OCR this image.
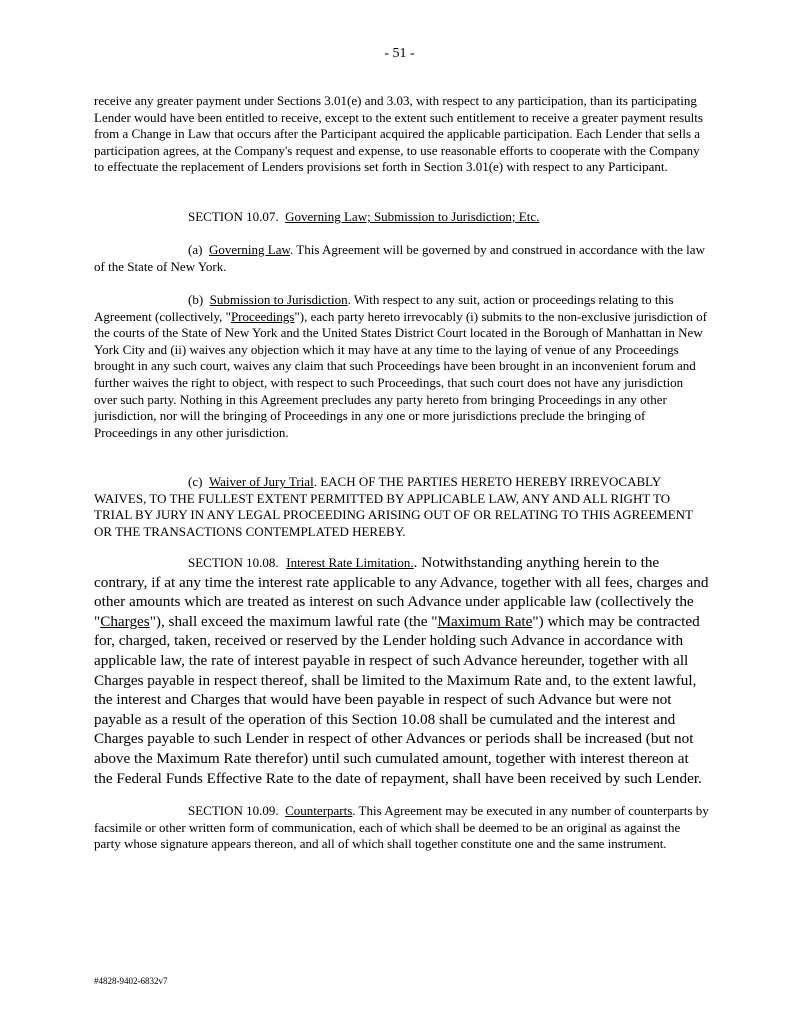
- 51 -
receive any greater payment under Sections 3.01(e) and 3.03, with respect to any participation, than its participating Lender would have been entitled to receive, except to the extent such entitlement to receive a greater payment results from a Change in Law that occurs after the Participant acquired the applicable participation. Each Lender that sells a participation agrees, at the Company's request and expense, to use reasonable efforts to cooperate with the Company to effectuate the replacement of Lenders provisions set forth in Section 3.01(e) with respect to any Participant.
SECTION 10.07. Governing Law; Submission to Jurisdiction; Etc.
(a) Governing Law. This Agreement will be governed by and construed in accordance with the law of the State of New York.
(b) Submission to Jurisdiction. With respect to any suit, action or proceedings relating to this Agreement (collectively, "Proceedings"), each party hereto irrevocably (i) submits to the non-exclusive jurisdiction of the courts of the State of New York and the United States District Court located in the Borough of Manhattan in New York City and (ii) waives any objection which it may have at any time to the laying of venue of any Proceedings brought in any such court, waives any claim that such Proceedings have been brought in an inconvenient forum and further waives the right to object, with respect to such Proceedings, that such court does not have any jurisdiction over such party. Nothing in this Agreement precludes any party hereto from bringing Proceedings in any other jurisdiction, nor will the bringing of Proceedings in any one or more jurisdictions preclude the bringing of Proceedings in any other jurisdiction.
(c) Waiver of Jury Trial. EACH OF THE PARTIES HERETO HEREBY IRREVOCABLY WAIVES, TO THE FULLEST EXTENT PERMITTED BY APPLICABLE LAW, ANY AND ALL RIGHT TO TRIAL BY JURY IN ANY LEGAL PROCEEDING ARISING OUT OF OR RELATING TO THIS AGREEMENT OR THE TRANSACTIONS CONTEMPLATED HEREBY.
SECTION 10.08. Interest Rate Limitation.. Notwithstanding anything herein to the contrary, if at any time the interest rate applicable to any Advance, together with all fees, charges and other amounts which are treated as interest on such Advance under applicable law (collectively the "Charges"), shall exceed the maximum lawful rate (the "Maximum Rate") which may be contracted for, charged, taken, received or reserved by the Lender holding such Advance in accordance with applicable law, the rate of interest payable in respect of such Advance hereunder, together with all Charges payable in respect thereof, shall be limited to the Maximum Rate and, to the extent lawful, the interest and Charges that would have been payable in respect of such Advance but were not payable as a result of the operation of this Section 10.08 shall be cumulated and the interest and Charges payable to such Lender in respect of other Advances or periods shall be increased (but not above the Maximum Rate therefor) until such cumulated amount, together with interest thereon at the Federal Funds Effective Rate to the date of repayment, shall have been received by such Lender.
SECTION 10.09. Counterparts. This Agreement may be executed in any number of counterparts by facsimile or other written form of communication, each of which shall be deemed to be an original as against the party whose signature appears thereon, and all of which shall together constitute one and the same instrument.
#4828-9402-6832v7
